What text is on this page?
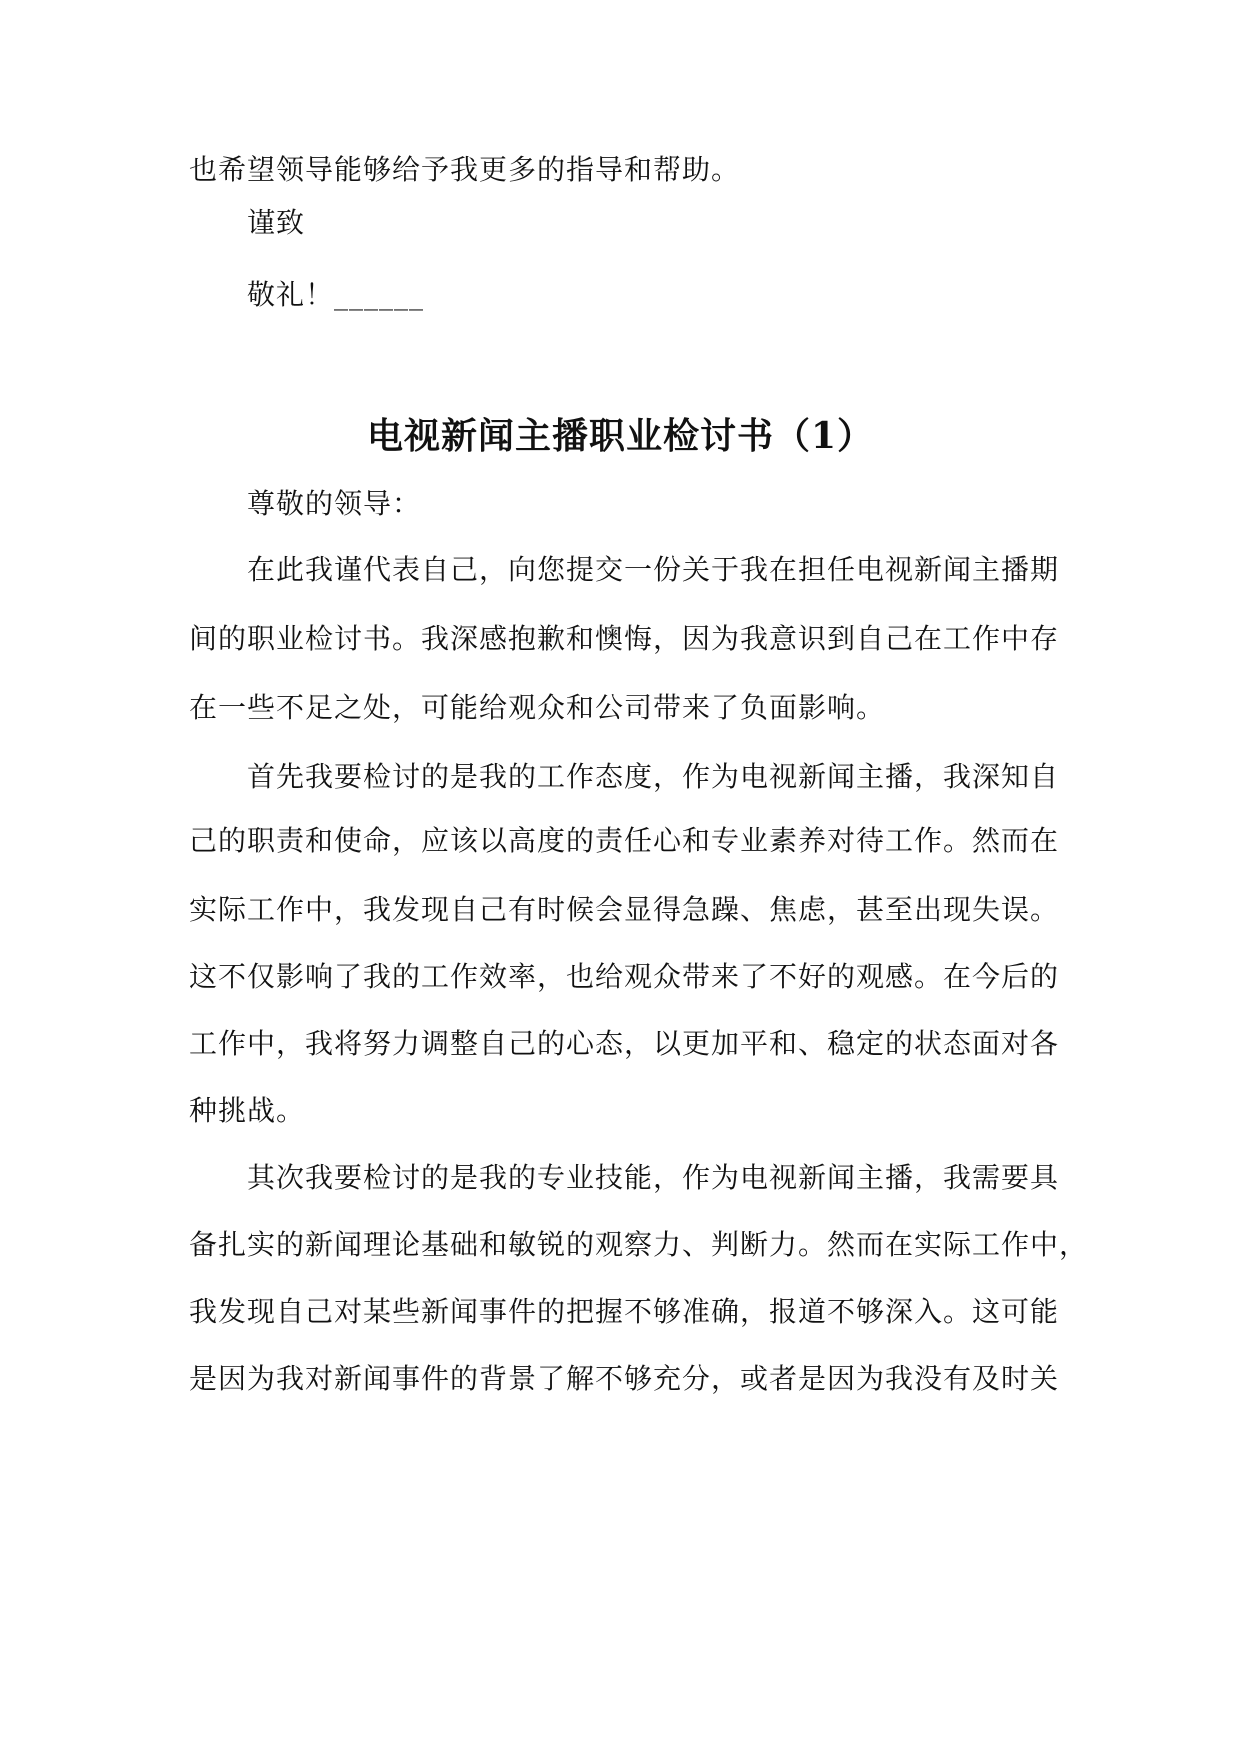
也希望领导能够给予我更多的指导和帮助。
谨致
敬礼！______
电视新闻主播职业检讨书（1）
尊敬的领导：
在此我谨代表自己，向您提交一份关于我在担任电视新闻主播期
间的职业检讨书。我深感抱歉和懊悔，因为我意识到自己在工作中存
在一些不足之处，可能给观众和公司带来了负面影响。
首先我要检讨的是我的工作态度，作为电视新闻主播，我深知自
己的职责和使命，应该以高度的责任心和专业素养对待工作。然而在
实际工作中，我发现自己有时候会显得急躁、焦虑，甚至出现失误。
这不仅影响了我的工作效率，也给观众带来了不好的观感。在今后的
工作中，我将努力调整自己的心态，以更加平和、稳定的状态面对各
种挑战。
其次我要检讨的是我的专业技能，作为电视新闻主播，我需要具
备扎实的新闻理论基础和敏锐的观察力、判断力。然而在实际工作中，
我发现自己对某些新闻事件的把握不够准确，报道不够深入。这可能
是因为我对新闻事件的背景了解不够充分，或者是因为我没有及时关
